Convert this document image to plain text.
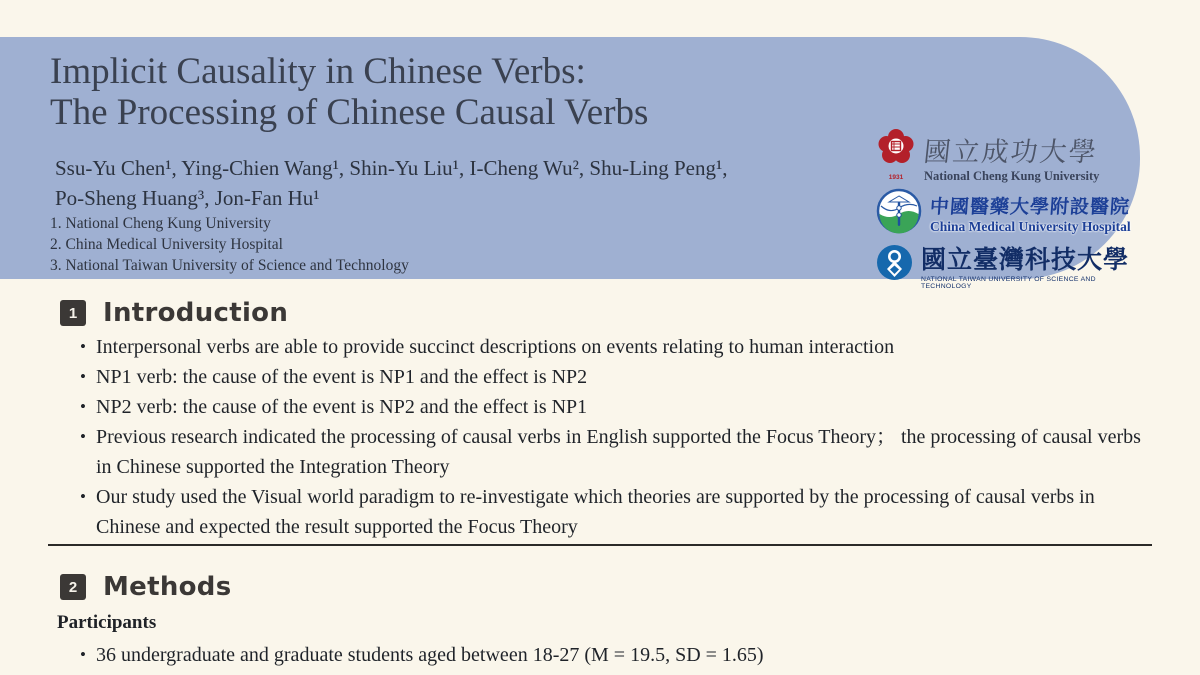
Implicit Causality in Chinese Verbs:
The Processing of Chinese Causal Verbs
Ssu-Yu Chen¹, Ying-Chien Wang¹, Shin-Yu Liu¹, I-Cheng Wu², Shu-Ling Peng¹,
Po-Sheng Huang³, Jon-Fan Hu¹
1. National Cheng Kung University
2. China Medical University Hospital
3. National Taiwan University of Science and Technology
1931
國立成功大學
National Cheng Kung University
中國醫藥大學附設醫院
China Medical University Hospital
國立臺灣科技大學
NATIONAL TAIWAN UNIVERSITY OF SCIENCE AND TECHNOLOGY
1 Introduction
• Interpersonal verbs are able to provide succinct descriptions on events relating to human interaction
• NP1 verb: the cause of the event is NP1 and the effect is NP2
• NP2 verb: the cause of the event is NP2 and the effect is NP1
• Previous research indicated the processing of causal verbs in English supported the Focus Theory； the processing of causal verbs in Chinese supported the Integration Theory
• Our study used the Visual world paradigm to re-investigate which theories are supported by the processing of causal verbs in Chinese and expected the result supported the Focus Theory
2 Methods
Participants
• 36 undergraduate and graduate students aged between 18-27 (M = 19.5, SD = 1.65)
